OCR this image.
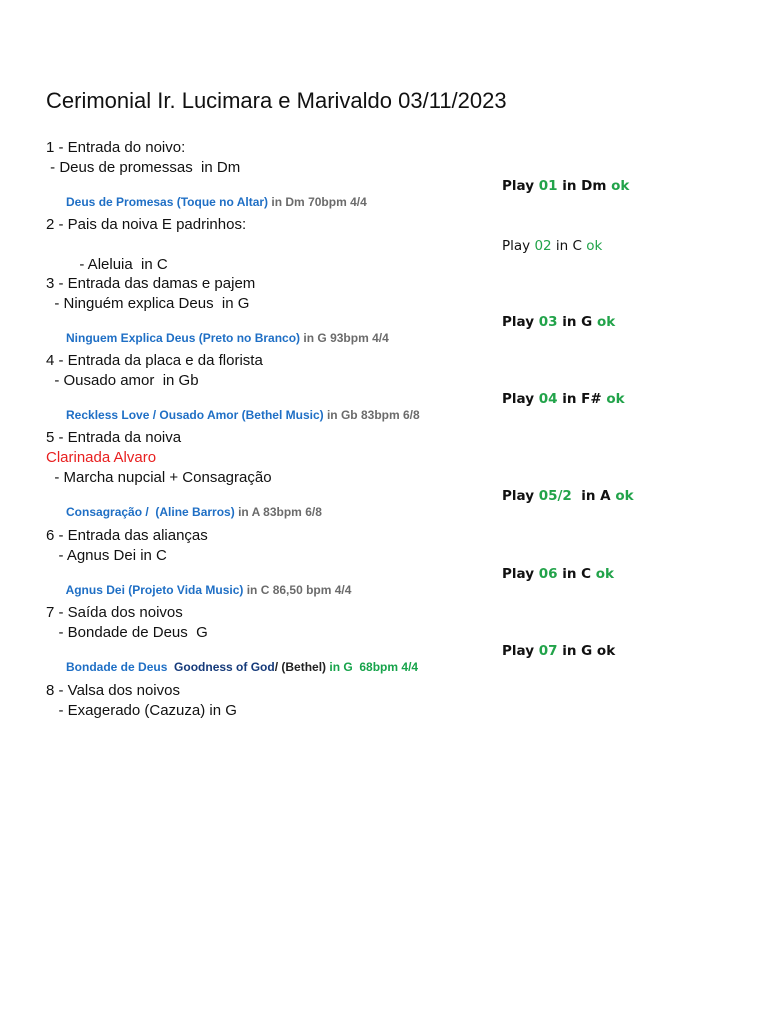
Cerimonial Ir. Lucimara e Marivaldo 03/11/2023
1 - Entrada do noivo:
- Deus de promessas  in Dm

Deus de Promesas (Toque no Altar) in Dm 70bpm 4/4

Play 01 in Dm ok

2 - Pais da noiva E padrinhos:

- Aleluia  in C

Play 02 in C ok

3 - Entrada das damas e pajem
- Ninguém explica Deus  in G

Ninguem Explica Deus (Preto no Branco) in G 93bpm 4/4

Play 03 in G ok

4 - Entrada da placa e da florista
- Ousado amor  in Gb

Reckless Love / Ousado Amor (Bethel Music) in Gb 83bpm 6/8

Play 04 in F# ok

5 - Entrada da noiva
Clarinada Alvaro
- Marcha nupcial + Consagração

Consagração /  (Aline Barros) in A 83bpm 6/8

Play 05/2  in A ok

6 - Entrada das alianças
- Agnus Dei in C

Agnus Dei (Projeto Vida Music) in C 86,50 bpm 4/4

Play 06 in C ok

7 - Saída dos noivos
- Bondade de Deus  G

Bondade de Deus  Goodness of God/ (Bethel) in G  68bpm 4/4

Play 07 in G ok

8 - Valsa dos noivos
- Exagerado (Cazuza) in G
